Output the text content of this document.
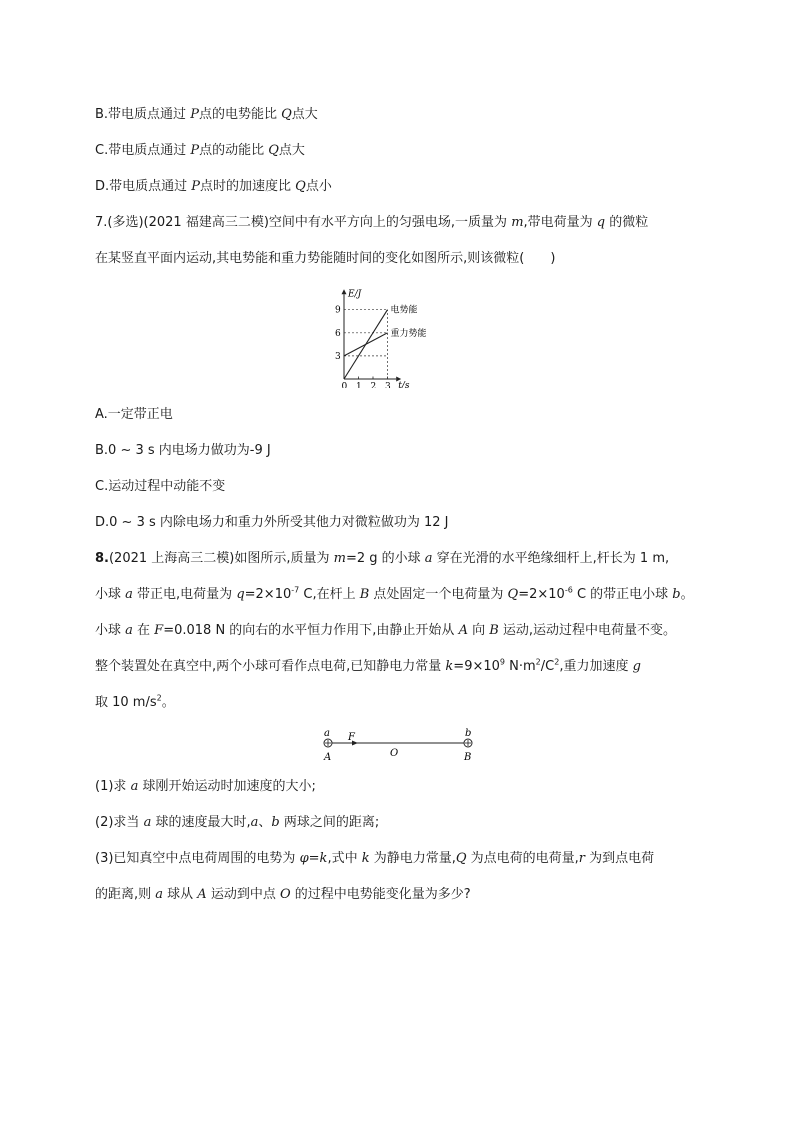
B.带电质点通过 P点的电势能比 Q点大
C.带电质点通过 P点的动能比 Q点大
D.带电质点通过 P点时的加速度比 Q点小
7.(多选)(2021 福建高三二模)空间中有水平方向上的匀强电场,一质量为 m,带电荷量为 q 的微粒
在某竖直平面内运动,其电势能和重力势能随时间的变化如图所示,则该微粒(　　)
E/J
t/s
0 1 2 3
3
6
9	电势能
重力势能
A.一定带正电
B.0 ~ 3 s 内电场力做功为-9 J
C.运动过程中动能不变
D.0 ~ 3 s 内除电场力和重力外所受其他力对微粒做功为 12 J
8.(2021 上海高三二模)如图所示,质量为 m=2 g 的小球 a 穿在光滑的水平绝缘细杆上,杆长为 1 m,
小球 a 带正电,电荷量为 $q=2\times 10^{-7}$ C,在杆上 B 点处固定一个电荷量为 $Q=2\times 10^{-6}$ C 的带正电小球 b。
小球 a 在 F=0.018 N 的向右的水平恒力作用下,由静止开始从 A 向 B 运动,运动过程中电荷量不变。
整个装置处在真空中,两个小球可看作点电荷,已知静电力常量 $k=9\times 10^9$ $N\cdot m^2/C^2$,重力加速度 g
取 10 $m/s^2$。
a
A
F
O
b
B
(1)求 a 球刚开始运动时加速度的大小;
(2)求当 a 球的速度最大时,a、b 两球之间的距离;
(3)已知真空中点电荷周围的电势为 φ=k,式中 k 为静电力常量,Q 为点电荷的电荷量,r 为到点电荷
的距离,则 a 球从 A 运动到中点 O 的过程中电势能变化量为多少?
